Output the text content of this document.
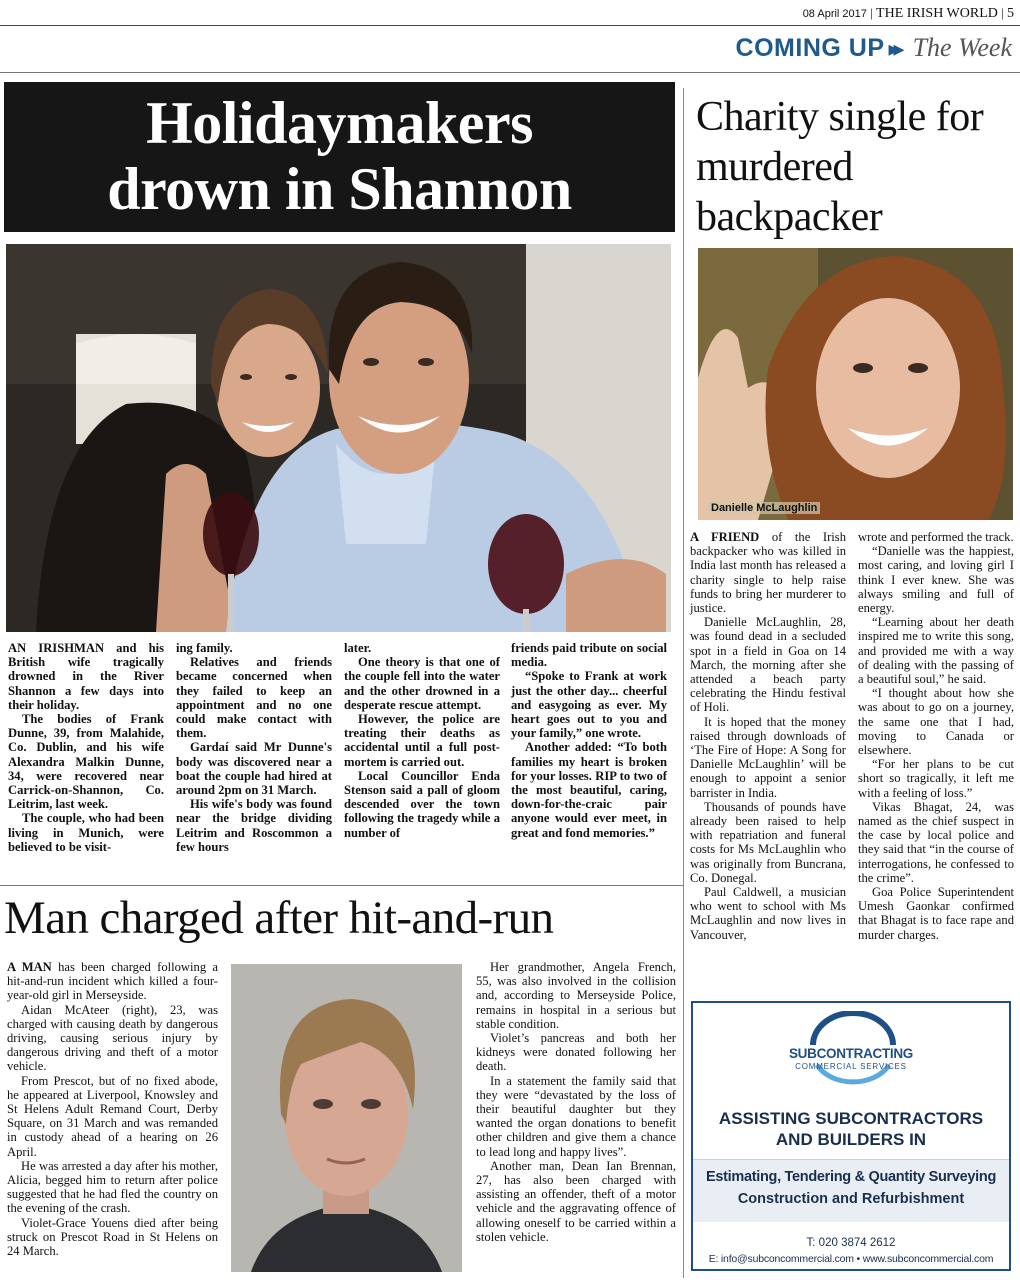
08 April 2017 | THE IRISH WORLD | 5
COMING UP ▸▸ The Week
Holidaymakers
drown in Shannon

AN IRISHMAN and his British wife tragically drowned in the River Shannon a few days into their holiday.

The bodies of Frank Dunne, 39, from Malahide, Co. Dublin, and his wife Alexandra Malkin Dunne, 34, were recovered near Carrick-on-Shannon, Co. Leitrim, last week.

The couple, who had been living in Munich, were believed to be visit-

ing family.

Relatives and friends became concerned when they failed to keep an appointment and no one could make contact with them.

Gardaí said Mr Dunne's body was discovered near a boat the couple had hired at around 2pm on 31 March.

His wife's body was found near the bridge dividing Leitrim and Roscommon a few hours

later.

One theory is that one of the couple fell into the water and the other drowned in a desperate rescue attempt.

However, the police are treating their deaths as accidental until a full post-mortem is carried out.

Local Councillor Enda Stenson said a pall of gloom descended over the town following the tragedy while a number of

friends paid tribute on social media.

“Spoke to Frank at work just the other day... cheerful and easygoing as ever. My heart goes out to you and your family,” one wrote.

Another added: “To both families my heart is broken for your losses. RIP to two of the most beautiful, caring, down-for-the-craic pair anyone would ever meet, in great and fond memories.”

Man charged after hit-and-run

A MAN has been charged following a hit-and-run incident which killed a four-year-old girl in Merseyside.

Aidan McAteer (right), 23, was charged with causing death by dangerous driving, causing serious injury by dangerous driving and theft of a motor vehicle.

From Prescot, but of no fixed abode, he appeared at Liverpool, Knowsley and St Helens Adult Remand Court, Derby Square, on 31 March and was remanded in custody ahead of a hearing on 26 April.

He was arrested a day after his mother, Alicia, begged him to return after police suggested that he had fled the country on the evening of the crash.

Violet-Grace Youens died after being struck on Prescot Road in St Helens on 24 March.

Her grandmother, Angela French, 55, was also involved in the collision and, according to Merseyside Police, remains in hospital in a serious but stable condition.

Violet’s pancreas and both her kidneys were donated following her death.

In a statement the family said that they were “devastated by the loss of their beautiful daughter but they wanted the organ donations to benefit other children and give them a chance to lead long and happy lives”.

Another man, Dean Ian Brennan, 27, has also been charged with assisting an offender, theft of a motor vehicle and the aggravating offence of allowing oneself to be carried within a stolen vehicle.

Charity single for murdered backpacker
Danielle McLaughlin

A FRIEND of the Irish backpacker who was killed in India last month has released a charity single to help raise funds to bring her murderer to justice.

Danielle McLaughlin, 28, was found dead in a secluded spot in a field in Goa on 14 March, the morning after she attended a beach party celebrating the Hindu festival of Holi.

It is hoped that the money raised through downloads of ‘The Fire of Hope: A Song for Danielle McLaughlin’ will be enough to appoint a senior barrister in India.

Thousands of pounds have already been raised to help with repatriation and funeral costs for Ms McLaughlin who was originally from Buncrana, Co. Donegal.

Paul Caldwell, a musician who went to school with Ms McLaughlin and now lives in Vancouver,

wrote and performed the track.

“Danielle was the happiest, most caring, and loving girl I think I ever knew. She was always smiling and full of energy.

“Learning about her death inspired me to write this song, and provided me with a way of dealing with the passing of a beautiful soul,” he said.

“I thought about how she was about to go on a journey, the same one that I had, moving to Canada or elsewhere.

“For her plans to be cut short so tragically, it left me with a feeling of loss.”

Vikas Bhagat, 24, was named as the chief suspect in the case by local police and they said that “in the course of interrogations, he confessed to the crime”.

Goa Police Superintendent Umesh Gaonkar confirmed that Bhagat is to face rape and murder charges.

SUBCONTRACTING
COMMERCIAL SERVICES
ASSISTING SUBCONTRACTORS
AND BUILDERS IN
Estimating, Tendering & Quantity Surveying
Construction and Refurbishment
T: 020 3874 2612
E: info@subconcommercial.com • www.subconcommercial.com
